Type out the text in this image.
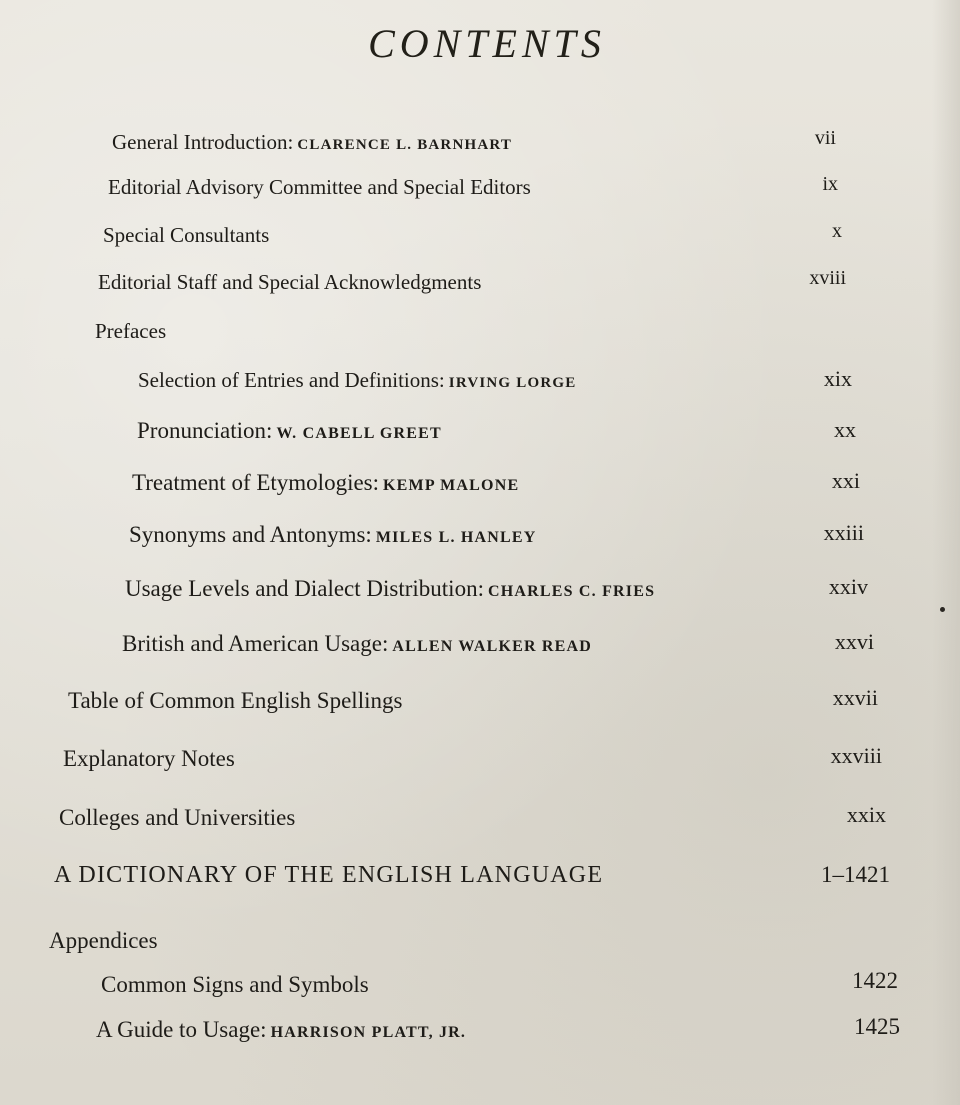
CONTENTS
General Introduction: CLARENCE L. BARNHART	vii
Editorial Advisory Committee and Special Editors	ix
Special Consultants	x
Editorial Staff and Special Acknowledgments	xviii
Prefaces
Selection of Entries and Definitions: IRVING LORGE	xix
Pronunciation: W. CABELL GREET	xx
Treatment of Etymologies: KEMP MALONE	xxi
Synonyms and Antonyms: MILES L. HANLEY	xxiii
Usage Levels and Dialect Distribution: CHARLES C. FRIES	xxiv
British and American Usage: ALLEN WALKER READ	xxvi
Table of Common English Spellings	xxvii
Explanatory Notes	xxviii
Colleges and Universities	xxix
A DICTIONARY OF THE ENGLISH LANGUAGE	1–1421
Appendices
Common Signs and Symbols	1422
A Guide to Usage: HARRISON PLATT, JR.	1425
